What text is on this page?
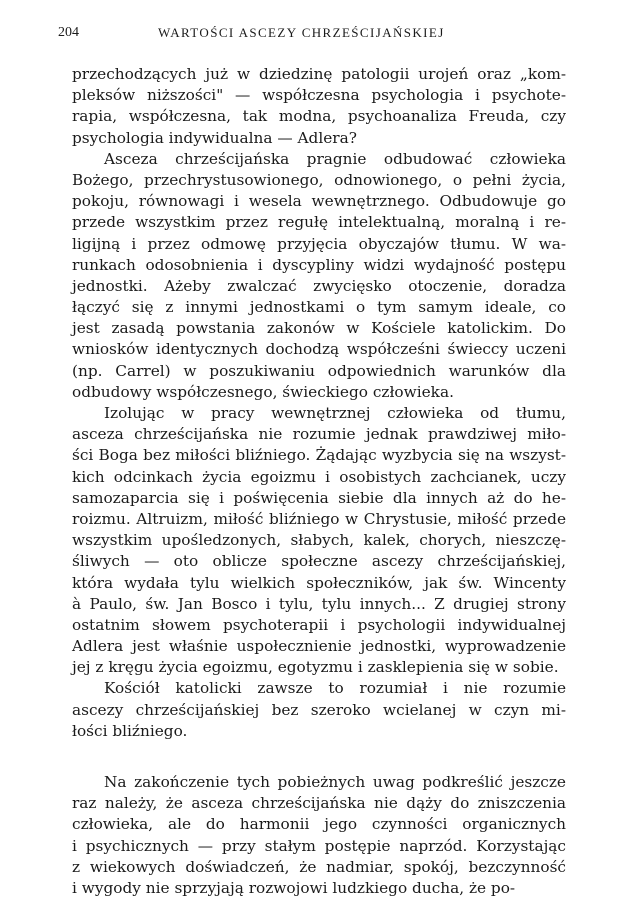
204	WARTOŚCI ASCEZY CHRZEŚCIJAŃSKIEJ
przechodzących już w dziedzinę patologii urojeń oraz „kom-
pleksów niższości" — współczesna psychologia i psychote-
rapia, współczesna, tak modna, psychoanaliza Freuda, czy
psychologia indywidualna — Adlera?
Asceza chrześcijańska pragnie odbudować człowieka
Bożego, przechrystusowionego, odnowionego, o pełni życia,
pokoju, równowagi i wesela wewnętrznego. Odbudowuje go
przede wszystkim przez regułę intelektualną, moralną i re-
ligijną i przez odmowę przyjęcia obyczajów tłumu. W wa-
runkach odosobnienia i dyscypliny widzi wydajność postępu
jednostki. Ażeby zwalczać zwycięsko otoczenie, doradza
łączyć się z innymi jednostkami o tym samym ideale, co
jest zasadą powstania zakonów w Kościele katolickim. Do
wniosków identycznych dochodzą współcześni świeccy uczeni
(np. Carrel) w poszukiwaniu odpowiednich warunków dla
odbudowy współczesnego, świeckiego człowieka.
Izolując w pracy wewnętrznej człowieka od tłumu,
asceza chrześcijańska nie rozumie jednak prawdziwej miło-
ści Boga bez miłości bliźniego. Żądając wyzbycia się na wszyst-
kich odcinkach życia egoizmu i osobistych zachcianek, uczy
samozaparcia się i poświęcenia siebie dla innych aż do he-
roizmu. Altruizm, miłość bliźniego w Chrystusie, miłość przede
wszystkim upośledzonych, słabych, kalek, chorych, nieszczę-
śliwych — oto oblicze społeczne ascezy chrześcijańskiej,
która wydała tylu wielkich społeczników, jak św. Wincenty
à Paulo, św. Jan Bosco i tylu, tylu innych... Z drugiej strony
ostatnim słowem psychoterapii i psychologii indywidualnej
Adlera jest właśnie uspołecznienie jednostki, wyprowadzenie
jej z kręgu życia egoizmu, egotyzmu i zasklepienia się w sobie.
Kościół katolicki zawsze to rozumiał i nie rozumie
ascezy chrześcijańskiej bez szeroko wcielanej w czyn mi-
łości bliźniego.
Na zakończenie tych pobieżnych uwag podkreślić jeszcze
raz należy, że asceza chrześcijańska nie dąży do zniszczenia
człowieka, ale do harmonii jego czynności organicznych
i psychicznych — przy stałym postępie naprzód. Korzystając
z wiekowych doświadczeń, że nadmiar, spokój, bezczynność
i wygody nie sprzyjają rozwojowi ludzkiego ducha, że po-
